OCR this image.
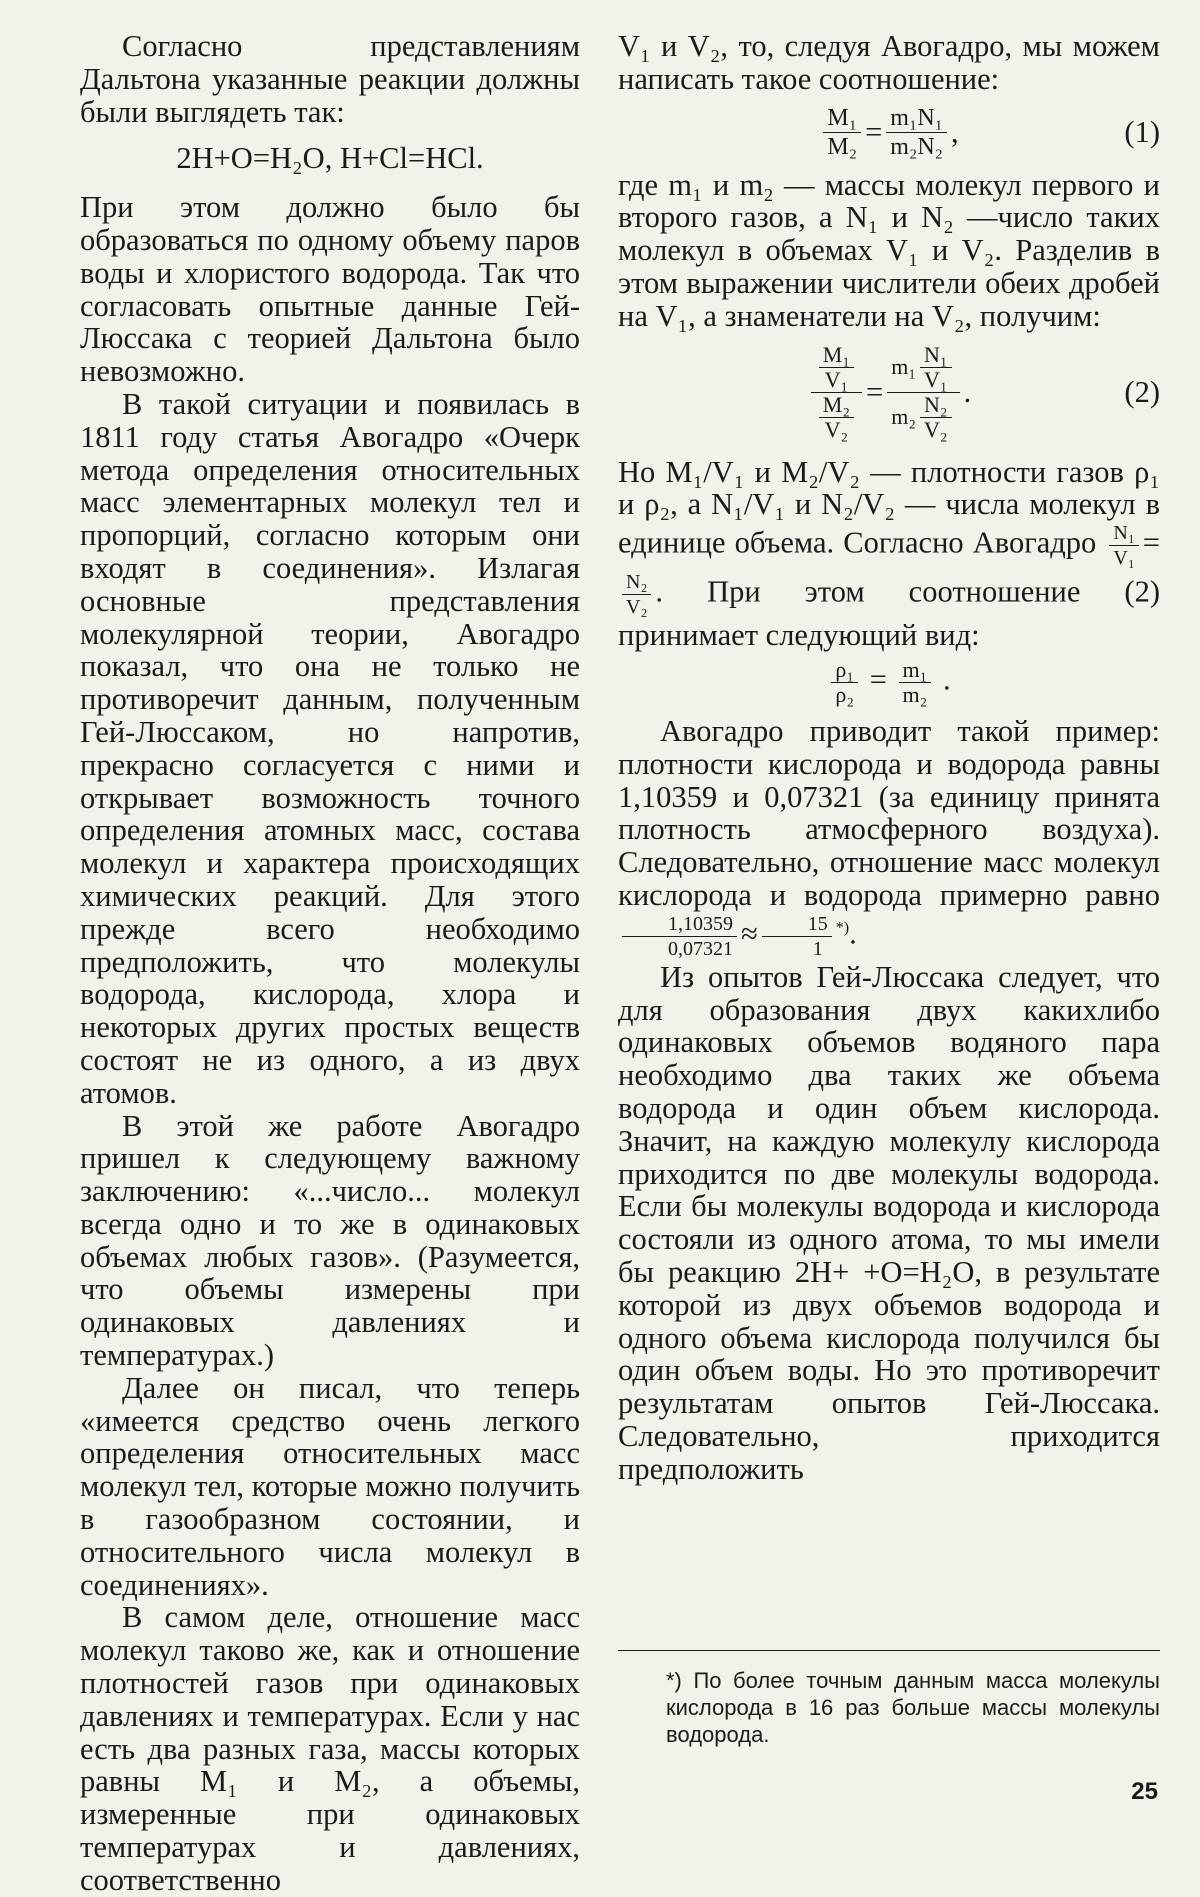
Согласно представлениям Дальтона указанные реакции должны были выглядеть так:

2H+O=H₂O, H+Cl=HCl.

При этом должно было бы образоваться по одному объему паров воды и хлористого водорода. Так что согласовать опытные данные Гей-Люссака с теорией Дальтона было невозможно.

В такой ситуации и появилась в 1811 году статья Авогадро «Очерк метода определения относительных масс элементарных молекул тел и пропорций, согласно которым они входят в соединения». Излагая основные представления молекулярной теории, Авогадро показал, что она не только не противоречит данным, полученным Гей-Люссаком, но напротив, прекрасно согласуется с ними и открывает возможность точного определения атомных масс, состава молекул и характера происходящих химических реакций. Для этого прежде всего необходимо предположить, что молекулы водорода, кислорода, хлора и некоторых других простых веществ состоят не из одного, а из двух атомов.

В этой же работе Авогадро пришел к следующему важному заключению: «...число... молекул всегда одно и то же в одинаковых объемах любых газов». (Разумеется, что объемы измерены при одинаковых давлениях и температурах.)

Далее он писал, что теперь «имеется средство очень легкого определения относительных масс молекул тел, которые можно получить в газообразном состоянии, и относительного числа молекул в соединениях».

В самом деле, отношение масс молекул таково же, как и отношение плотностей газов при одинаковых давлениях и температурах. Если у нас есть два разных газа, массы которых равны M₁ и M₂, а объемы, измеренные при одинаковых температурах и давлениях, соответственно

V₁ и V₂, то, следуя Авогадро, мы можем написать такое соотношение:

$\frac{\text{M₁}}{\text{M₂}} = \frac{\text{m₁N₁}}{\text{m₂N₂}}$ ,	(1)

где m₁ и m₂ — массы молекул первого и второго газов, а N₁ и N₂ —число таких молекул в объемах V₁ и V₂. Разделив в этом выражении числители обеих дробей на V₁, а знаменатели на V₂, получим:

$\frac{\frac{\text{M₁}}{\text{V₁}}}{\frac{\text{M₂}}{\text{V₂}}} = \frac{m_1 \frac{\text{N₁}}{\text{V₁}}}{m_2 \frac{\text{N₂}}{\text{V₂}}}$ .	(2)

Но M₁/V₁ и M₂/V₂ — плотности газов ρ₁ и ρ₂, а N₁/V₁ и N₂/V₂ — числа молекул в единице объема. Согласно Авогадро $\frac{\text{N₁}}{\text{V₁}}$ =
$\frac{\text{N₂}}{\text{V₂}}$ . При этом соотношение (2) принимает следующий вид:

$\frac{\text{ρ₁}}{\text{ρ₂}} = \frac{\text{m₁}}{\text{m₂}}$ .

Авогадро приводит такой пример: плотности кислорода и водорода равны 1,10359 и 0,07321 (за единицу принята плотность атмосферного воздуха). Следовательно, отношение масс молекул кислорода и водорода примерно равно
$\frac{1,10359}{0,07321} \approx \frac{15}{1} ^{*)}$.

Из опытов Гей-Люссака следует, что для образования двух какихлибо одинаковых объемов водяного пара необходимо два таких же объема водорода и один объем кислорода. Значит, на каждую молекулу кислорода приходится по две молекулы водорода. Если бы молекулы водорода и кислорода состояли из одного атома, то мы имели бы реакцию 2H+ +O=H₂O, в результате которой из двух объемов водорода и одного объема кислорода получился бы один объем воды. Но это противоречит результатам опытов Гей-Люссака. Следовательно, приходится предположить

*) По более точным данным масса молекулы кислорода в 16 раз больше массы молекулы водорода.
25
